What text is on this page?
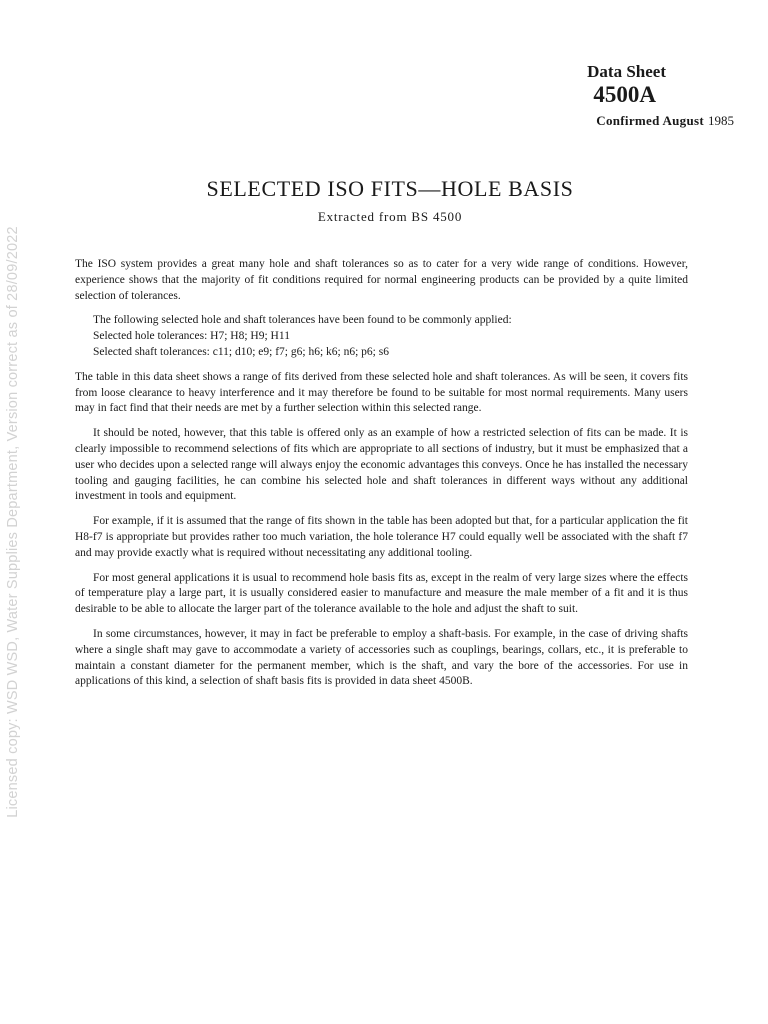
Licensed copy: WSD WSD, Water Supplies Department, Version correct as of 28/09/2022
Data Sheet
4500A
Confirmed August 1985
SELECTED ISO FITS—HOLE BASIS
Extracted from BS 4500

The ISO system provides a great many hole and shaft tolerances so as to cater for a very wide range of conditions. However, experience shows that the majority of fit conditions required for normal engineering products can be provided by a quite limited selection of tolerances.

The following selected hole and shaft tolerances have been found to be commonly applied:
Selected hole tolerances: H7; H8; H9; H11
Selected shaft tolerances: c11; d10; e9; f7; g6; h6; k6; n6; p6; s6

The table in this data sheet shows a range of fits derived from these selected hole and shaft tolerances. As will be seen, it covers fits from loose clearance to heavy interference and it may therefore be found to be suitable for most normal requirements. Many users may in fact find that their needs are met by a further selection within this selected range.

It should be noted, however, that this table is offered only as an example of how a restricted selection of fits can be made. It is clearly impossible to recommend selections of fits which are appropriate to all sections of industry, but it must be emphasized that a user who decides upon a selected range will always enjoy the economic advantages this conveys. Once he has installed the necessary tooling and gauging facilities, he can combine his selected hole and shaft tolerances in different ways without any additional investment in tools and equipment.

For example, if it is assumed that the range of fits shown in the table has been adopted but that, for a particular application the fit H8-f7 is appropriate but provides rather too much variation, the hole tolerance H7 could equally well be associated with the shaft f7 and may provide exactly what is required without necessitating any additional tooling.

For most general applications it is usual to recommend hole basis fits as, except in the realm of very large sizes where the effects of temperature play a large part, it is usually considered easier to manufacture and measure the male member of a fit and it is thus desirable to be able to allocate the larger part of the tolerance available to the hole and adjust the shaft to suit.

In some circumstances, however, it may in fact be preferable to employ a shaft-basis. For example, in the case of driving shafts where a single shaft may gave to accommodate a variety of accessories such as couplings, bearings, collars, etc., it is preferable to maintain a constant diameter for the permanent member, which is the shaft, and vary the bore of the accessories. For use in applications of this kind, a selection of shaft basis fits is provided in data sheet 4500B.
